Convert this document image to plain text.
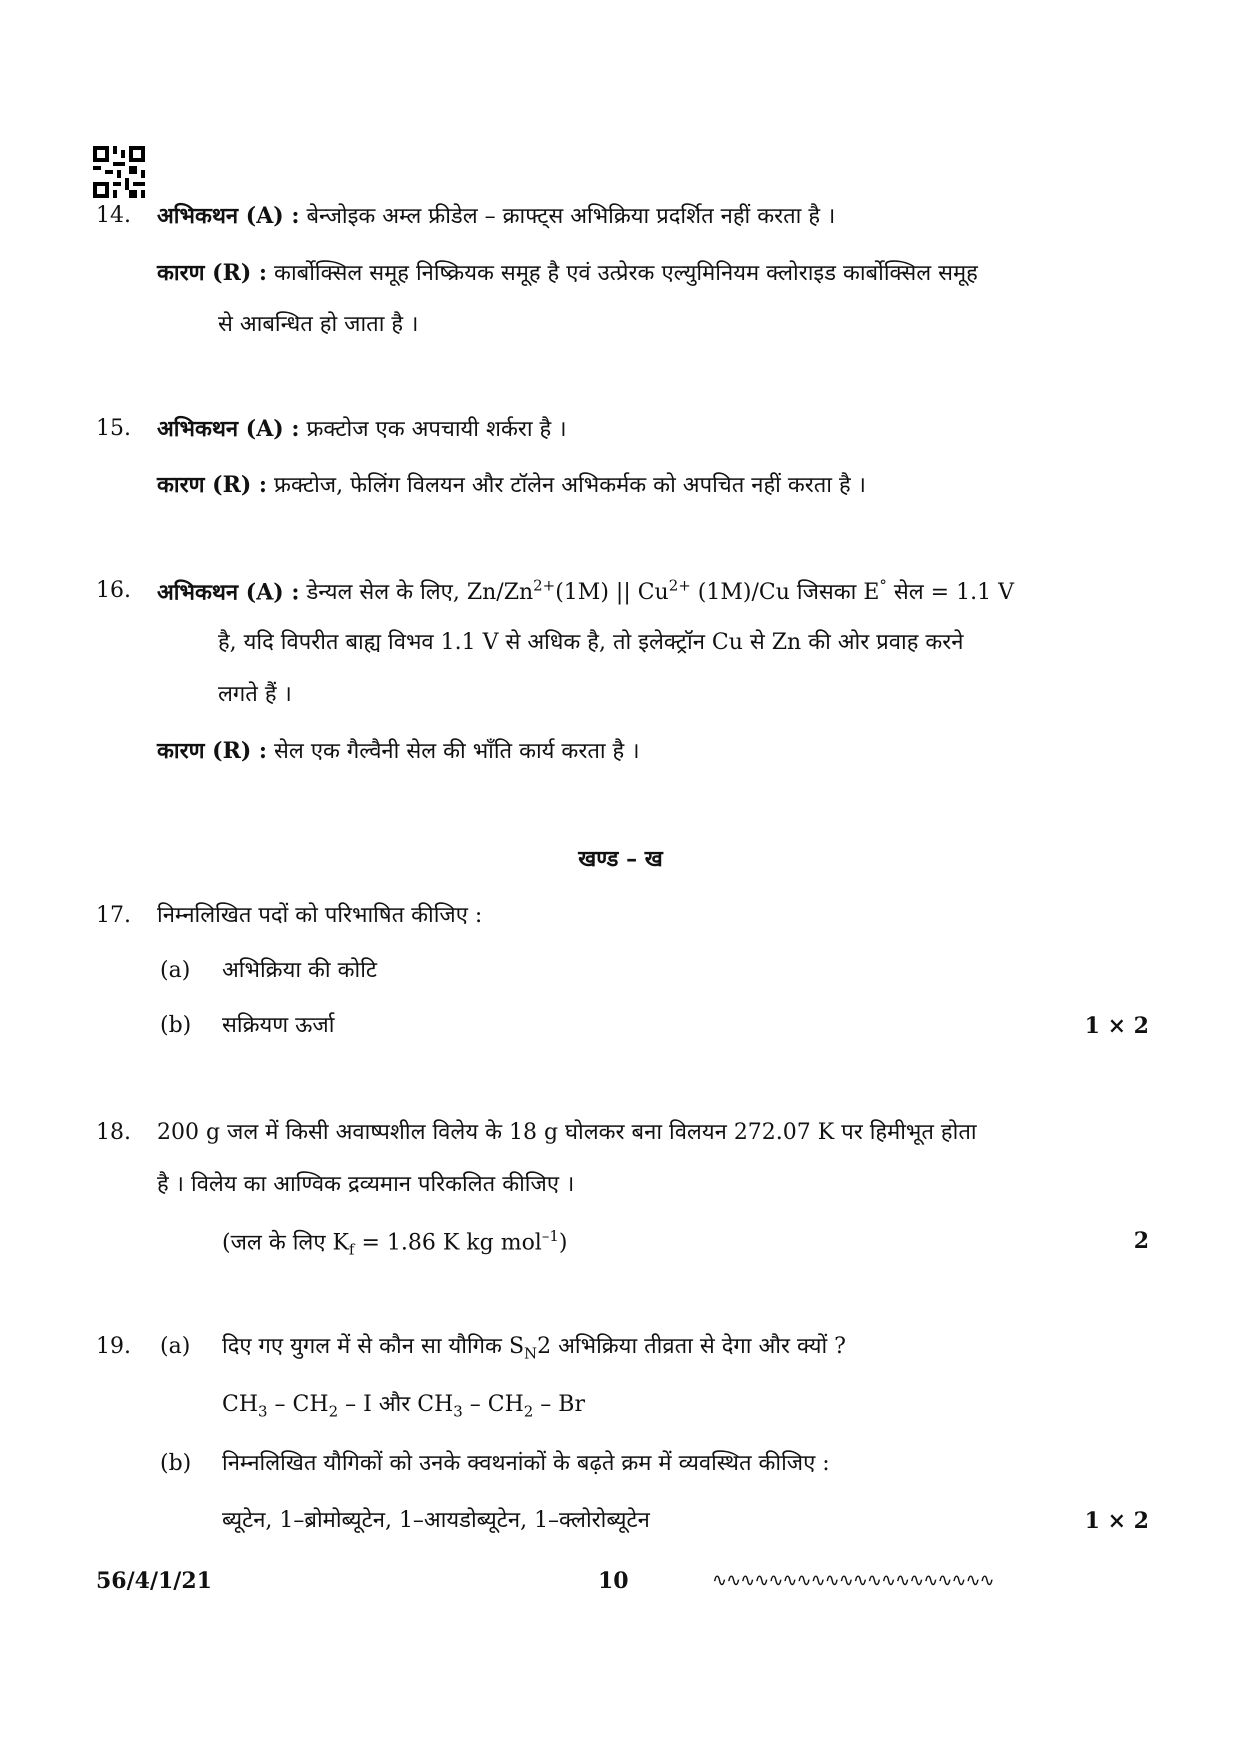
14. अभिकथन (A) : बेन्जोइक अम्ल फ्रीडेल – क्राफ्ट्स अभिक्रिया प्रदर्शित नहीं करता है ।
कारण (R) : कार्बोक्सिल समूह निष्क्रियक समूह है एवं उत्प्रेरक एल्युमिनियम क्लोराइड कार्बोक्सिल समूह
से आबन्धित हो जाता है ।
15. अभिकथन (A) : फ्रक्टोज एक अपचायी शर्करा है ।
कारण (R) : फ्रक्टोज, फेलिंग विलयन और टॉलेन अभिकर्मक को अपचित नहीं करता है ।
16. अभिकथन (A) : डेन्यल सेल के लिए, $Zn/Zn^{2+}(1M)$ || $Cu^{2+}$ (1M)/Cu जिसका E° सेल = 1.1 V
है, यदि विपरीत बाह्य विभव 1.1 V से अधिक है, तो इलेक्ट्रॉन Cu से Zn की ओर प्रवाह करने
लगते हैं ।
कारण (R) : सेल एक गैल्वैनी सेल की भाँति कार्य करता है ।
खण्ड – ख
17. निम्नलिखित पदों को परिभाषित कीजिए :
(a) अभिक्रिया की कोटि
(b) सक्रियण ऊर्जा	1 × 2
18. 200 g जल में किसी अवाष्पशील विलेय के 18 g घोलकर बना विलयन 272.07 K पर हिमीभूत होता
है । विलेय का आण्विक द्रव्यमान परिकलित कीजिए ।
(जल के लिए $K_f = 1.86$ K kg mol$^{-1}$)	2
19. (a) दिए गए युगल में से कौन सा यौगिक $S_N2$ अभिक्रिया तीव्रता से देगा और क्यों ?
$CH_3 - CH_2$ – I और $CH_3 - CH_2$ – Br
(b) निम्नलिखित यौगिकों को उनके क्वथनांकों के बढ़ते क्रम में व्यवस्थित कीजिए :
ब्यूटेन, 1–ब्रोमोब्यूटेन, 1–आयडोब्यूटेन, 1–क्लोरोब्यूटेन	1 × 2
56/4/1/21	10	∿∿∿∿∿∿∿∿∿∿∿∿∿∿∿∿∿∿∿∿
